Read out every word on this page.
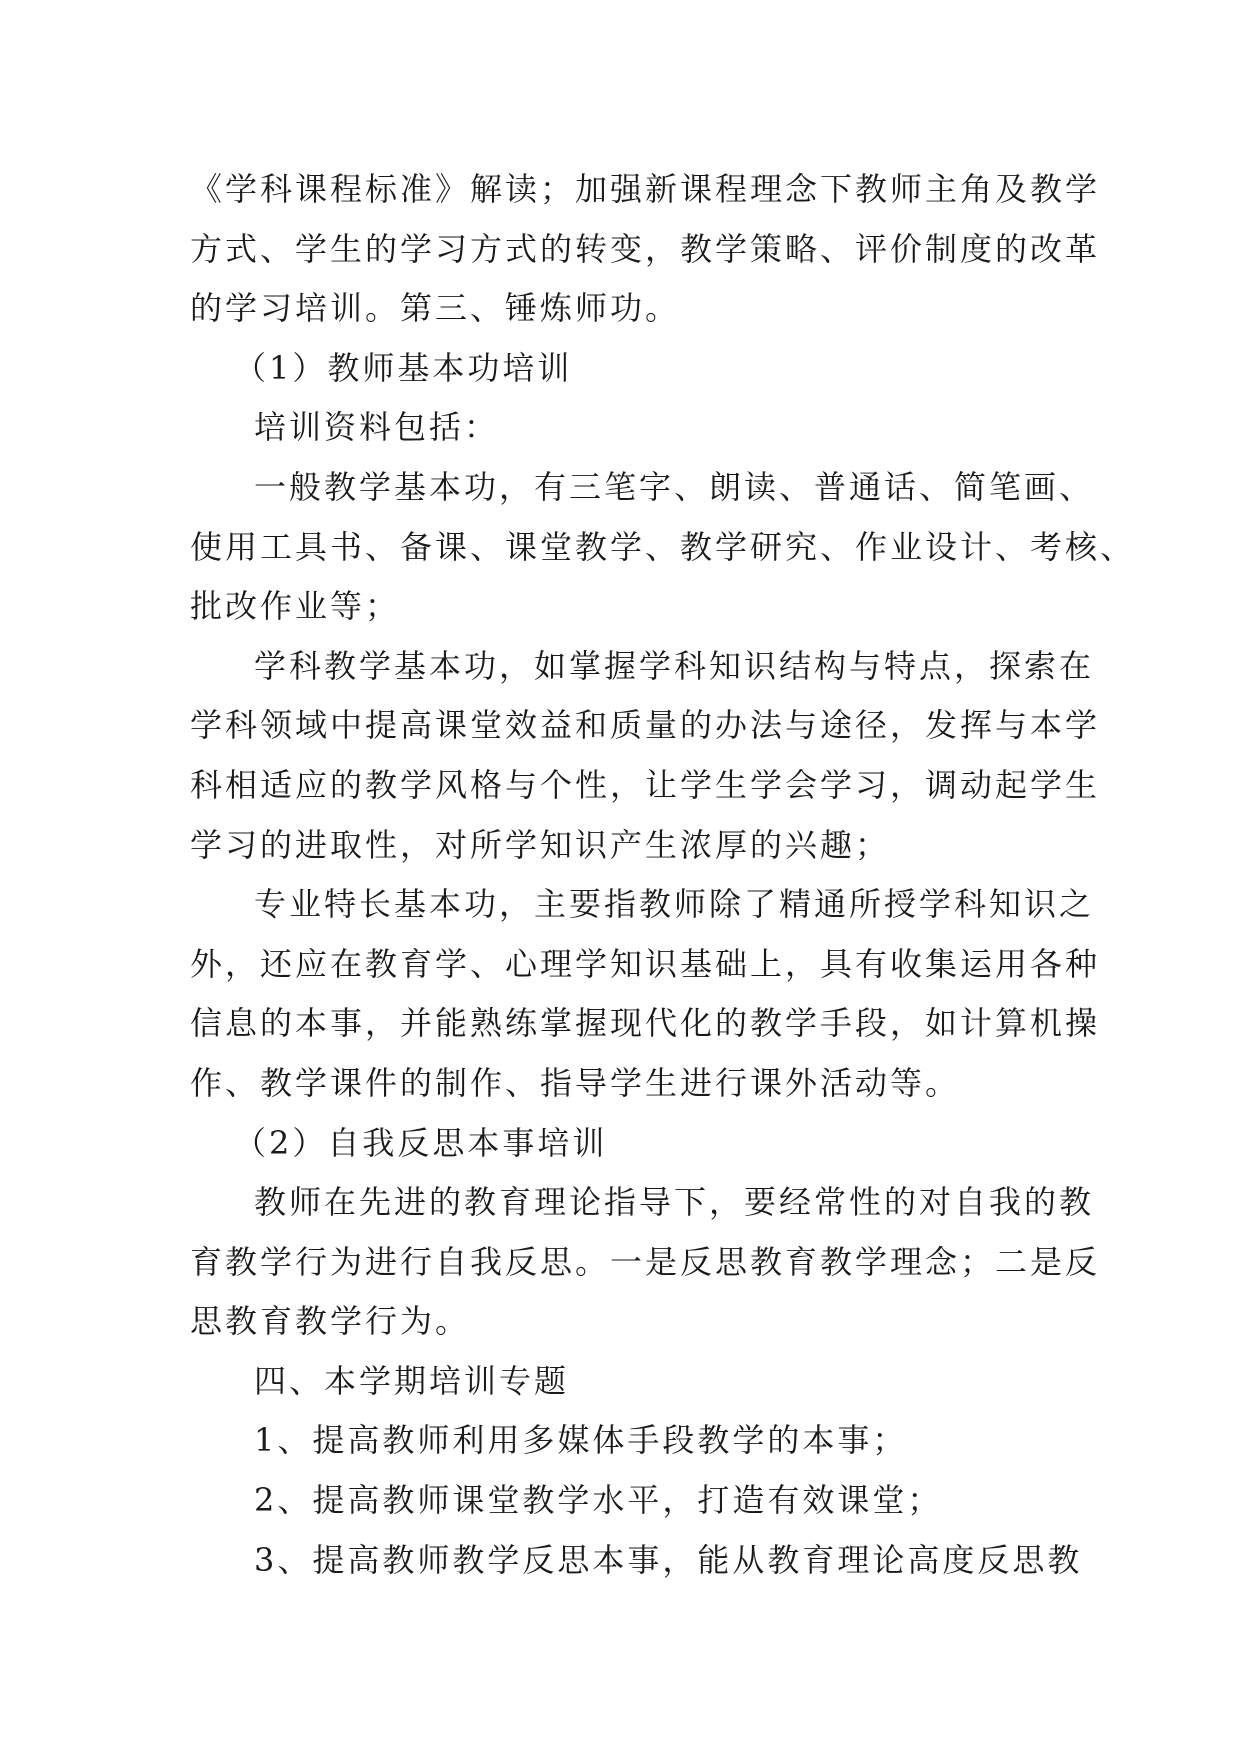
《学科课程标准》解读；加强新课程理念下教师主角及教学

方式、学生的学习方式的转变，教学策略、评价制度的改革

的学习培训。第三、锤炼师功。

（1）教师基本功培训

培训资料包括：

一般教学基本功，有三笔字、朗读、普通话、简笔画、

使用工具书、备课、课堂教学、教学研究、作业设计、考核、

批改作业等；

学科教学基本功，如掌握学科知识结构与特点，探索在

学科领域中提高课堂效益和质量的办法与途径，发挥与本学

科相适应的教学风格与个性，让学生学会学习，调动起学生

学习的进取性，对所学知识产生浓厚的兴趣；

专业特长基本功，主要指教师除了精通所授学科知识之

外，还应在教育学、心理学知识基础上，具有收集运用各种

信息的本事，并能熟练掌握现代化的教学手段，如计算机操

作、教学课件的制作、指导学生进行课外活动等。

（2）自我反思本事培训

教师在先进的教育理论指导下，要经常性的对自我的教

育教学行为进行自我反思。一是反思教育教学理念；二是反

思教育教学行为。

四、本学期培训专题

1、提高教师利用多媒体手段教学的本事；

2、提高教师课堂教学水平，打造有效课堂；

3、提高教师教学反思本事，能从教育理论高度反思教
